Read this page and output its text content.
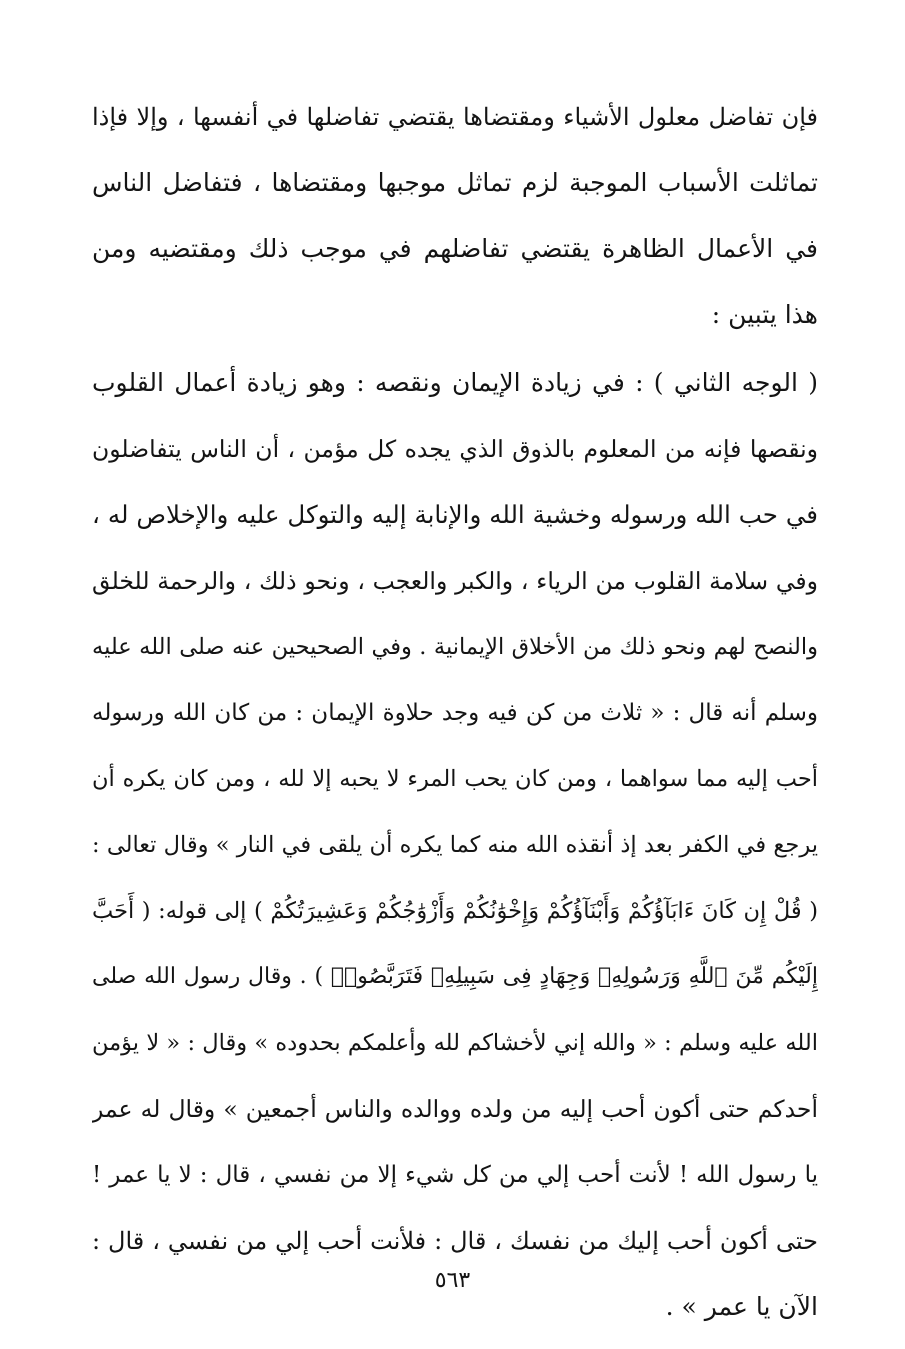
فإن تفاضل معلول الأشياء ومقتضاها يقتضي تفاضلها في أنفسها ، وإلا فإذا
تماثلت الأسباب الموجبة لزم تماثل موجبها ومقتضاها ، فتفاضل الناس
في الأعمال الظاهرة يقتضي تفاضلهم في موجب ذلك ومقتضيه ومن
هذا يتبين :
( الوجه الثاني ) : في زيادة الإيمان ونقصه : وهو زيادة أعمال القلوب
ونقصها فإنه من المعلوم بالذوق الذي يجده كل مؤمن ، أن الناس يتفاضلون
في حب الله ورسوله وخشية الله والإنابة إليه والتوكل عليه والإخلاص له ،
وفي سلامة القلوب من الرياء ، والكبر والعجب ، ونحو ذلك ، والرحمة للخلق
والنصح لهم ونحو ذلك من الأخلاق الإيمانية . وفي الصحيحين عنه صلى الله عليه
وسلم أنه قال : « ثلاث من كن فيه وجد حلاوة الإيمان : من كان الله ورسوله
أحب إليه مما سواهما ، ومن كان يحب المرء لا يحبه إلا لله ، ومن كان يكره أن
يرجع في الكفر بعد إذ أنقذه الله منه كما يكره أن يلقى في النار » وقال تعالى :
( قُلْ إِن كَانَ ءَابَآؤُكُمْ وَأَبْنَآؤُكُمْ وَإِخْوَٰنُكُمْ وَأَزْوَٰجُكُمْ وَعَشِيرَتُكُمْ ) إلى قوله: ( أَحَبَّ
إِلَيْكُم مِّنَ ٱللَّهِ وَرَسُولِهِۦ وَجِهَادٍ فِى سَبِيلِهِۦ فَتَرَبَّصُوا۟ ) . وقال رسول الله صلى
الله عليه وسلم : « والله إني لأخشاكم لله وأعلمكم بحدوده » وقال : « لا يؤمن
أحدكم حتى أكون أحب إليه من ولده ووالده والناس أجمعين » وقال له عمر
يا رسول الله ! لأنت أحب إلي من كل شيء إلا من نفسي ، قال : لا يا عمر !
حتى أكون أحب إليك من نفسك ، قال : فلأنت أحب إلي من نفسي ، قال :
الآن يا عمر » .
٥٦٣
